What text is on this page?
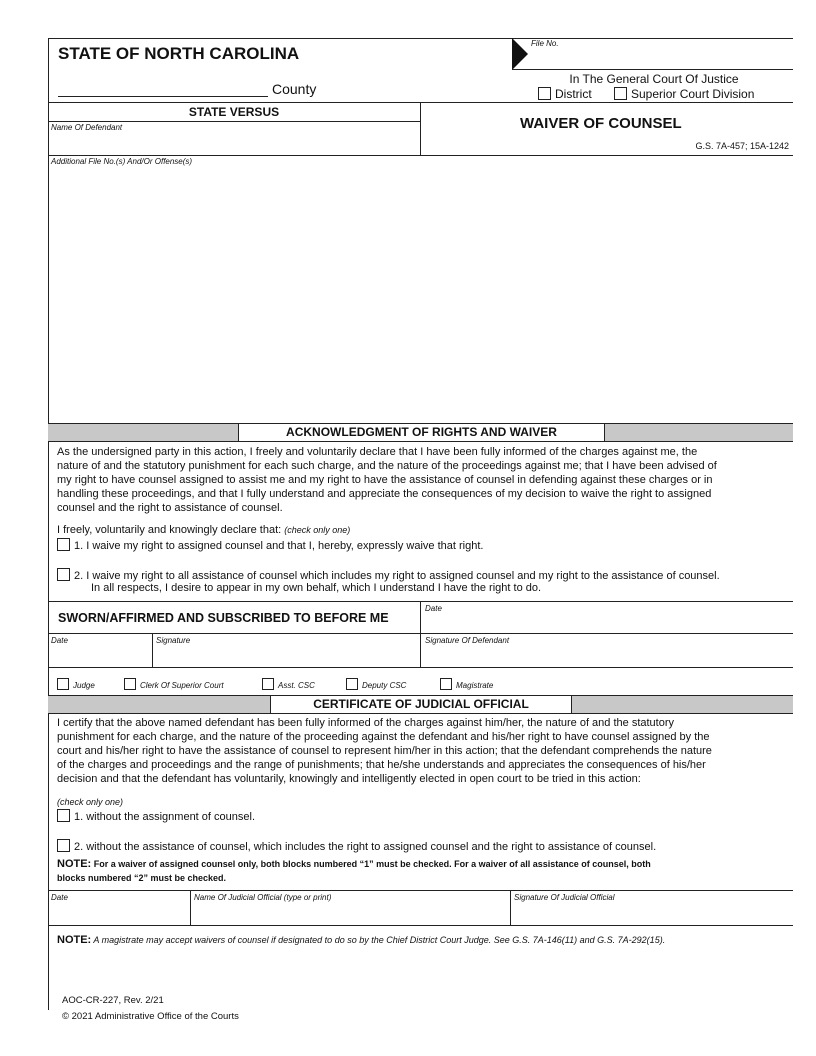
STATE OF NORTH CAROLINA
File No.
County
In The General Court Of Justice
District	Superior Court Division
STATE VERSUS
Name Of Defendant	WAIVER OF COUNSEL
G.S. 7A-457; 15A-1242
Additional File No.(s) And/Or Offense(s)
ACKNOWLEDGMENT OF RIGHTS AND WAIVER
As the undersigned party in this action, I freely and voluntarily declare that I have been fully informed of the charges against me, the
nature of and the statutory punishment for each such charge, and the nature of the proceedings against me; that I have been advised of
my right to have counsel assigned to assist me and my right to have the assistance of counsel in defending against these charges or in
handling these proceedings, and that I fully understand and appreciate the consequences of my decision to waive the right to assigned
counsel and the right to assistance of counsel.
I freely, voluntarily and knowingly declare that: (check only one)
1. I waive my right to assigned counsel and that I, hereby, expressly waive that right.
2. I waive my right to all assistance of counsel which includes my right to assigned counsel and my right to the assistance of counsel.
In all respects, I desire to appear in my own behalf, which I understand I have the right to do.
SWORN/AFFIRMED AND SUBSCRIBED TO BEFORE ME
Date
Date	Signature	Signature Of Defendant
Judge	Clerk Of Superior Court	Asst. CSC	Deputy CSC	Magistrate
CERTIFICATE OF JUDICIAL OFFICIAL
I certify that the above named defendant has been fully informed of the charges against him/her, the nature of and the statutory
punishment for each charge, and the nature of the proceeding against the defendant and his/her right to have counsel assigned by the
court and his/her right to have the assistance of counsel to represent him/her in this action; that the defendant comprehends the nature
of the charges and proceedings and the range of punishments; that he/she understands and appreciates the consequences of his/her
decision and that the defendant has voluntarily, knowingly and intelligently elected in open court to be tried in this action:
(check only one)
1. without the assignment of counsel.
2. without the assistance of counsel, which includes the right to assigned counsel and the right to assistance of counsel.
NOTE: For a waiver of assigned counsel only, both blocks numbered “1” must be checked. For a waiver of all assistance of counsel, both
blocks numbered “2” must be checked.
Date	Name Of Judicial Official (type or print)	Signature Of Judicial Official
NOTE: A magistrate may accept waivers of counsel if designated to do so by the Chief District Court Judge. See G.S. 7A-146(11) and G.S. 7A-292(15).
AOC-CR-227, Rev. 2/21
© 2021 Administrative Office of the Courts
